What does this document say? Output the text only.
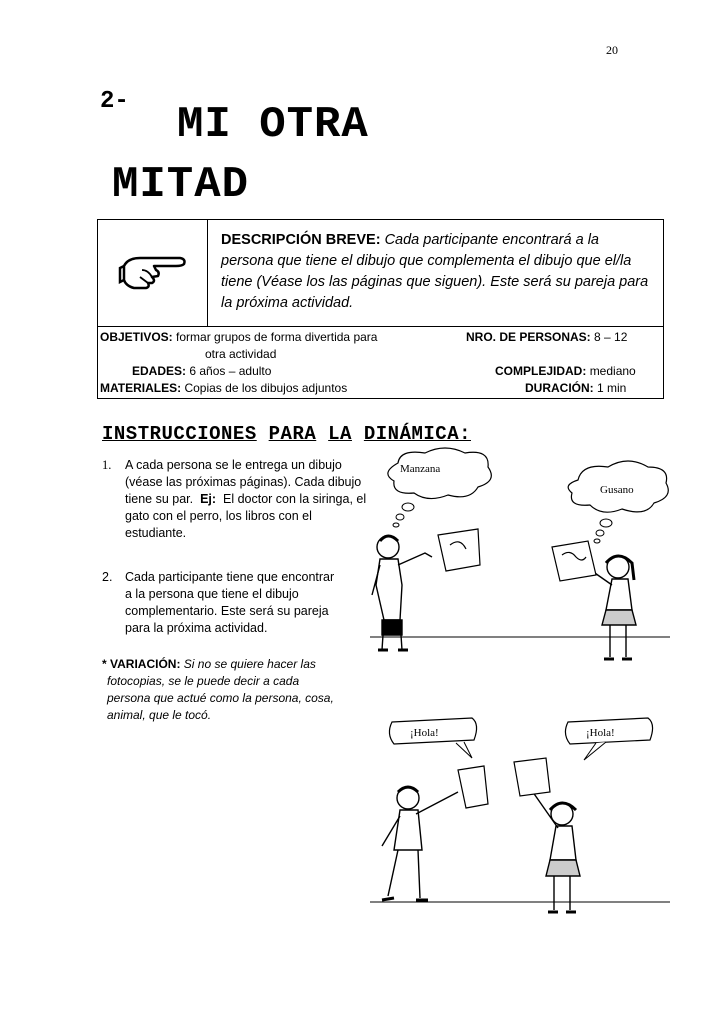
20
2- MI OTRA
MITAD
DESCRIPCIÓN BREVE: Cada participante encontrará a la persona que tiene el dibujo que complementa el dibujo que el/la tiene (Véase los las páginas que siguen). Este será su pareja para la próxima actividad.
OBJETIVOS: formar grupos de forma divertida para
otra actividad
EDADES: 6 años – adulto
MATERIALES: Copias de los dibujos adjuntos
NRO. DE PERSONAS: 8 – 12
COMPLEJIDAD: mediano
DURACIÓN: 1 min
INSTRUCCIONES PARA LA DINÁMICA:
1. A cada persona se le entrega un dibujo
(véase las próximas páginas). Cada dibujo
tiene su par. Ej: El doctor con la siringa, el
gato con el perro, los libros con el
estudiante.
2. Cada participante tiene que encontrar
a la persona que tiene el dibujo
complementario. Este será su pareja
para la próxima actividad.
* VARIACIÓN: Si no se quiere hacer las
fotocopias, se le puede decir a cada
persona que actué como la persona, cosa,
animal, que le tocó.
Manzana
Gusano
¡Hola!	¡Hola!
